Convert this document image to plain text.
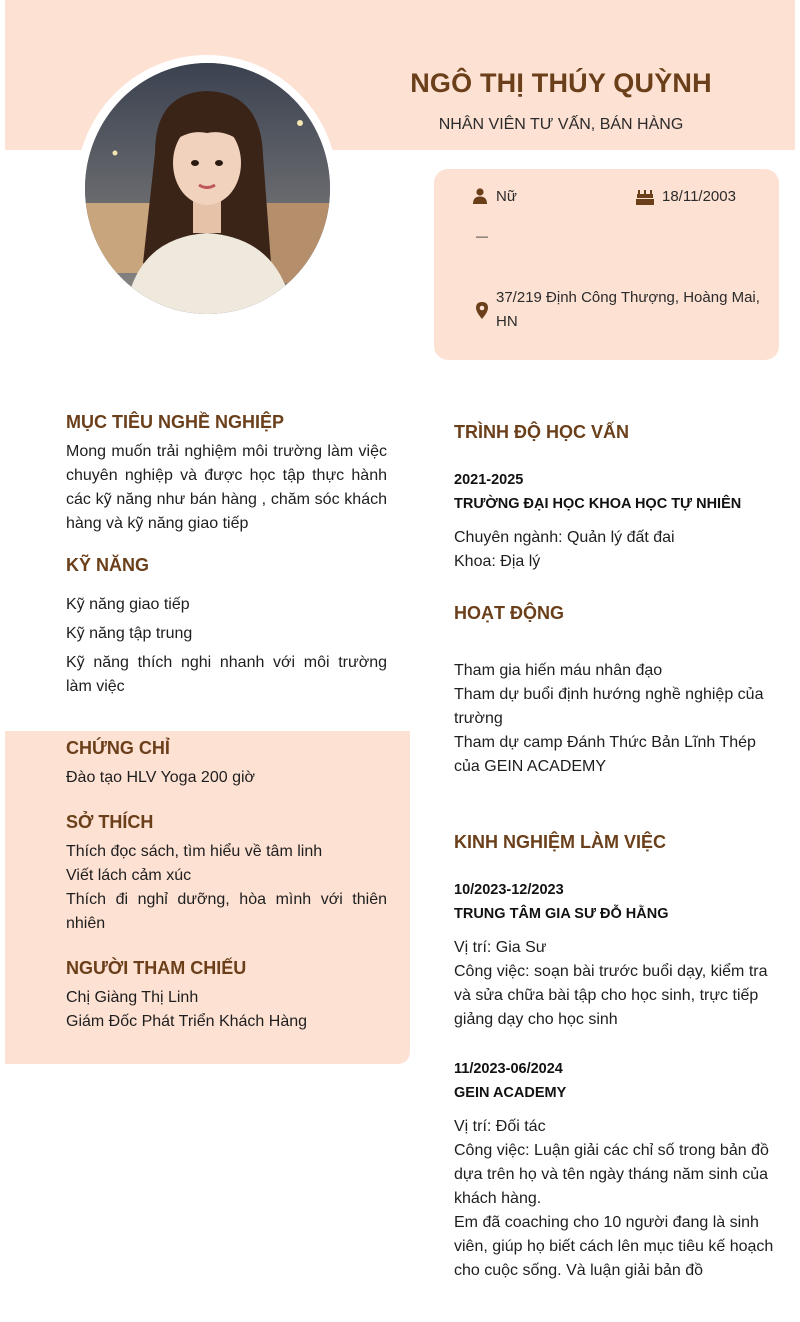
NGÔ THỊ THÚY QUỲNH
NHÂN VIÊN TƯ VẤN, BÁN HÀNG
Nữ	18/11/2003
—
37/219 Định Công Thượng, Hoàng Mai,
HN
MỤC TIÊU NGHỀ NGHIỆP
Mong muốn trải nghiệm môi trường làm việc chuyên nghiệp và được học tập thực hành các kỹ năng như bán hàng , chăm sóc khách hàng và kỹ năng giao tiếp
KỸ NĂNG
Kỹ năng giao tiếp
Kỹ năng tập trung
Kỹ năng thích nghi nhanh với môi trường làm việc
CHỨNG CHỈ
Đào tạo HLV Yoga 200 giờ
SỞ THÍCH
Thích đọc sách, tìm hiểu về tâm linh
Viết lách cảm xúc
Thích đi nghỉ dưỡng, hòa mình với thiên nhiên
NGƯỜI THAM CHIẾU
Chị Giàng Thị Linh
Giám Đốc Phát Triển Khách Hàng
TRÌNH ĐỘ HỌC VẤN
2021-2025
TRƯỜNG ĐẠI HỌC KHOA HỌC TỰ NHIÊN
Chuyên ngành: Quản lý đất đai
Khoa: Địa lý
HOẠT ĐỘNG
Tham gia hiến máu nhân đạo
Tham dự buổi định hướng nghề nghiệp của trường
Tham dự camp Đánh Thức Bản Lĩnh Thép của GEIN ACADEMY
KINH NGHIỆM LÀM VIỆC
10/2023-12/2023
TRUNG TÂM GIA SƯ ĐỖ HẰNG
Vị trí: Gia Sư
Công việc: soạn bài trước buổi dạy, kiểm tra và sửa chữa bài tập cho học sinh, trực tiếp giảng dạy cho học sinh
11/2023-06/2024
GEIN ACADEMY
Vị trí: Đối tác
Công việc: Luận giải các chỉ số trong bản đồ dựa trên họ và tên ngày tháng năm sinh của khách hàng.
Em đã coaching cho 10 người đang là sinh viên, giúp họ biết cách lên mục tiêu kế hoạch cho cuộc sống. Và luận giải bản đồ
